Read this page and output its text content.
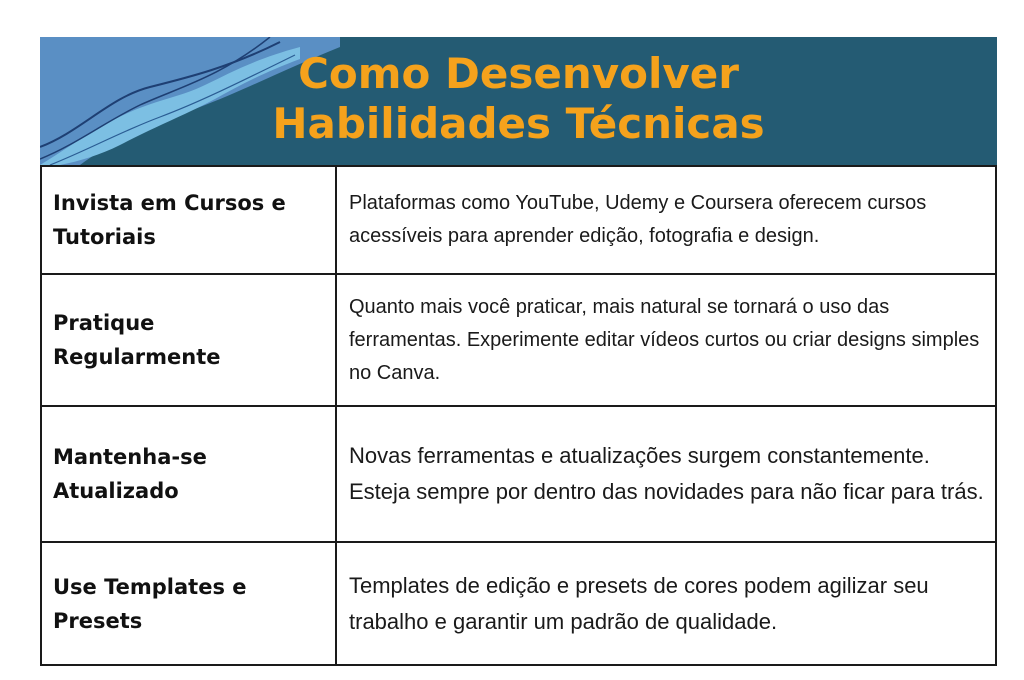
Como Desenvolver
Habilidades Técnicas
Invista em Cursos e Tutoriais	Plataformas como YouTube, Udemy e Coursera oferecem cursos acessíveis para aprender edição, fotografia e design.
Pratique Regularmente	Quanto mais você praticar, mais natural se tornará o uso das ferramentas. Experimente editar vídeos curtos ou criar designs simples no Canva.
Mantenha-se Atualizado	Novas ferramentas e atualizações surgem constantemente. Esteja sempre por dentro das novidades para não ficar para trás.
Use Templates e Presets	Templates de edição e presets de cores podem agilizar seu trabalho e garantir um padrão de qualidade.
